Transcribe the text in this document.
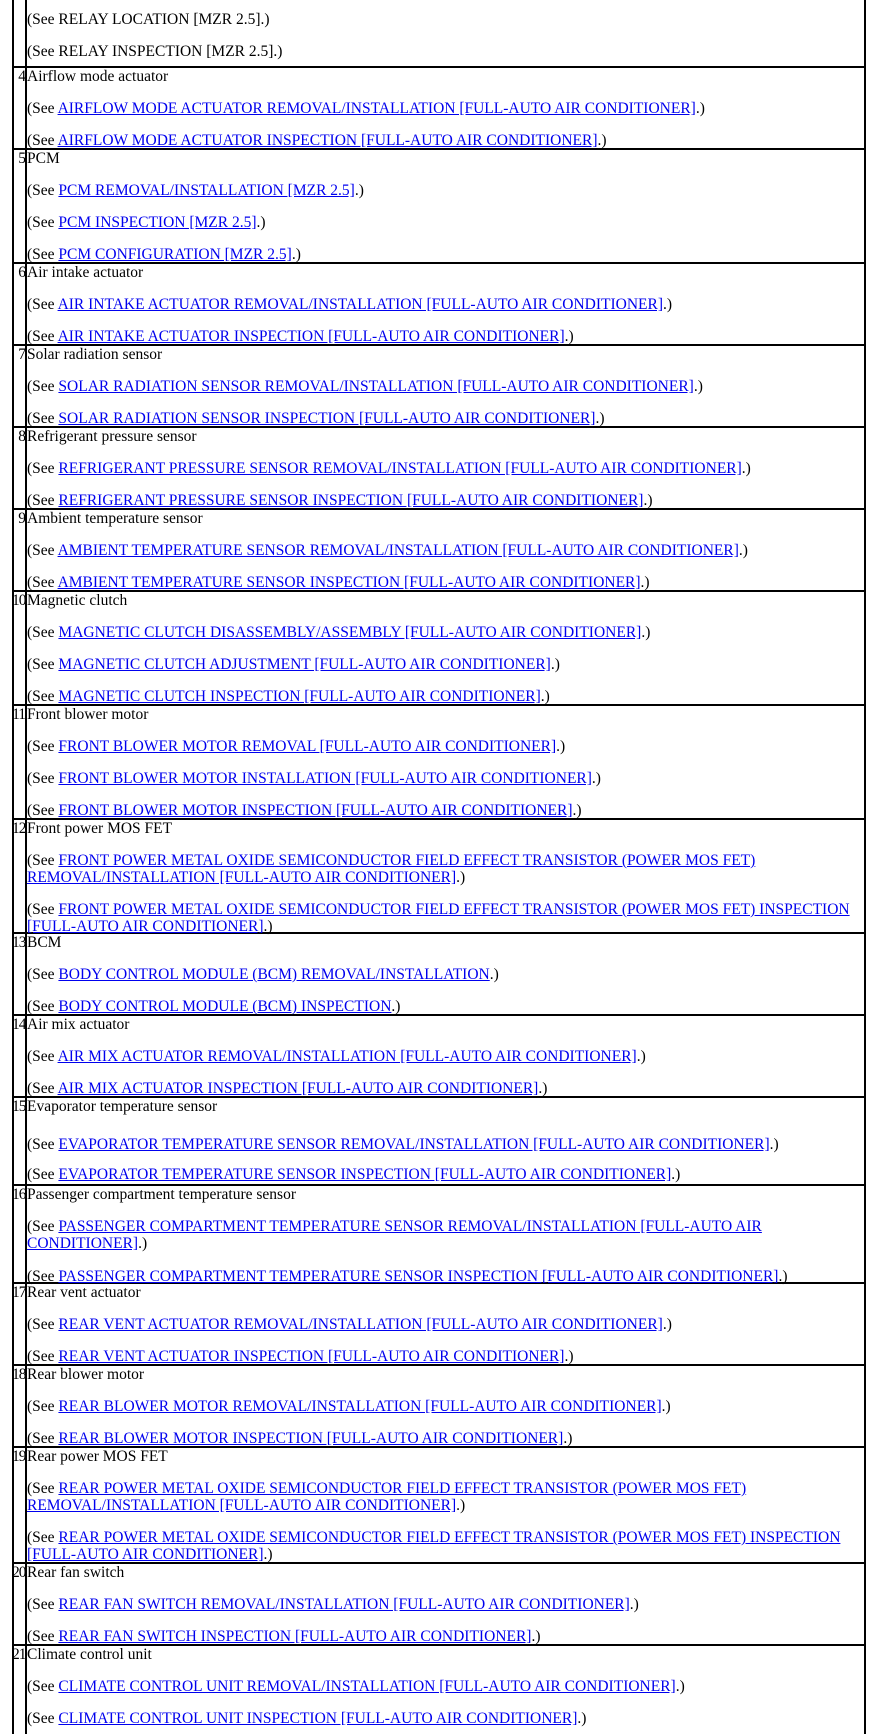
(See RELAY LOCATION [MZR 2.5].)
(See RELAY INSPECTION [MZR 2.5].)
4 Airflow mode actuator
(See AIRFLOW MODE ACTUATOR REMOVAL/INSTALLATION [FULL-AUTO AIR CONDITIONER].)
(See AIRFLOW MODE ACTUATOR INSPECTION [FULL-AUTO AIR CONDITIONER].)
5 PCM
(See PCM REMOVAL/INSTALLATION [MZR 2.5].)
(See PCM INSPECTION [MZR 2.5].)
(See PCM CONFIGURATION [MZR 2.5].)
6 Air intake actuator
(See AIR INTAKE ACTUATOR REMOVAL/INSTALLATION [FULL-AUTO AIR CONDITIONER].)
(See AIR INTAKE ACTUATOR INSPECTION [FULL-AUTO AIR CONDITIONER].)
7 Solar radiation sensor
(See SOLAR RADIATION SENSOR REMOVAL/INSTALLATION [FULL-AUTO AIR CONDITIONER].)
(See SOLAR RADIATION SENSOR INSPECTION [FULL-AUTO AIR CONDITIONER].)
8 Refrigerant pressure sensor
(See REFRIGERANT PRESSURE SENSOR REMOVAL/INSTALLATION [FULL-AUTO AIR CONDITIONER].)
(See REFRIGERANT PRESSURE SENSOR INSPECTION [FULL-AUTO AIR CONDITIONER].)
9 Ambient temperature sensor
(See AMBIENT TEMPERATURE SENSOR REMOVAL/INSTALLATION [FULL-AUTO AIR CONDITIONER].)
(See AMBIENT TEMPERATURE SENSOR INSPECTION [FULL-AUTO AIR CONDITIONER].)
10 Magnetic clutch
(See MAGNETIC CLUTCH DISASSEMBLY/ASSEMBLY [FULL-AUTO AIR CONDITIONER].)
(See MAGNETIC CLUTCH ADJUSTMENT [FULL-AUTO AIR CONDITIONER].)
(See MAGNETIC CLUTCH INSPECTION [FULL-AUTO AIR CONDITIONER].)
11 Front blower motor
(See FRONT BLOWER MOTOR REMOVAL [FULL-AUTO AIR CONDITIONER].)
(See FRONT BLOWER MOTOR INSTALLATION [FULL-AUTO AIR CONDITIONER].)
(See FRONT BLOWER MOTOR INSPECTION [FULL-AUTO AIR CONDITIONER].)
12 Front power MOS FET
(See FRONT POWER METAL OXIDE SEMICONDUCTOR FIELD EFFECT TRANSISTOR (POWER MOS FET) REMOVAL/INSTALLATION [FULL-AUTO AIR CONDITIONER].)
(See FRONT POWER METAL OXIDE SEMICONDUCTOR FIELD EFFECT TRANSISTOR (POWER MOS FET) INSPECTION [FULL-AUTO AIR CONDITIONER].)
13 BCM
(See BODY CONTROL MODULE (BCM) REMOVAL/INSTALLATION.)
(See BODY CONTROL MODULE (BCM) INSPECTION.)
14 Air mix actuator
(See AIR MIX ACTUATOR REMOVAL/INSTALLATION [FULL-AUTO AIR CONDITIONER].)
(See AIR MIX ACTUATOR INSPECTION [FULL-AUTO AIR CONDITIONER].)
15 Evaporator temperature sensor
(See EVAPORATOR TEMPERATURE SENSOR REMOVAL/INSTALLATION [FULL-AUTO AIR CONDITIONER].)
(See EVAPORATOR TEMPERATURE SENSOR INSPECTION [FULL-AUTO AIR CONDITIONER].)
16 Passenger compartment temperature sensor
(See PASSENGER COMPARTMENT TEMPERATURE SENSOR REMOVAL/INSTALLATION [FULL-AUTO AIR CONDITIONER].)
(See PASSENGER COMPARTMENT TEMPERATURE SENSOR INSPECTION [FULL-AUTO AIR CONDITIONER].)
17 Rear vent actuator
(See REAR VENT ACTUATOR REMOVAL/INSTALLATION [FULL-AUTO AIR CONDITIONER].)
(See REAR VENT ACTUATOR INSPECTION [FULL-AUTO AIR CONDITIONER].)
18 Rear blower motor
(See REAR BLOWER MOTOR REMOVAL/INSTALLATION [FULL-AUTO AIR CONDITIONER].)
(See REAR BLOWER MOTOR INSPECTION [FULL-AUTO AIR CONDITIONER].)
19 Rear power MOS FET
(See REAR POWER METAL OXIDE SEMICONDUCTOR FIELD EFFECT TRANSISTOR (POWER MOS FET) REMOVAL/INSTALLATION [FULL-AUTO AIR CONDITIONER].)
(See REAR POWER METAL OXIDE SEMICONDUCTOR FIELD EFFECT TRANSISTOR (POWER MOS FET) INSPECTION [FULL-AUTO AIR CONDITIONER].)
20 Rear fan switch
(See REAR FAN SWITCH REMOVAL/INSTALLATION [FULL-AUTO AIR CONDITIONER].)
(See REAR FAN SWITCH INSPECTION [FULL-AUTO AIR CONDITIONER].)
21 Climate control unit
(See CLIMATE CONTROL UNIT REMOVAL/INSTALLATION [FULL-AUTO AIR CONDITIONER].)
(See CLIMATE CONTROL UNIT INSPECTION [FULL-AUTO AIR CONDITIONER].)
